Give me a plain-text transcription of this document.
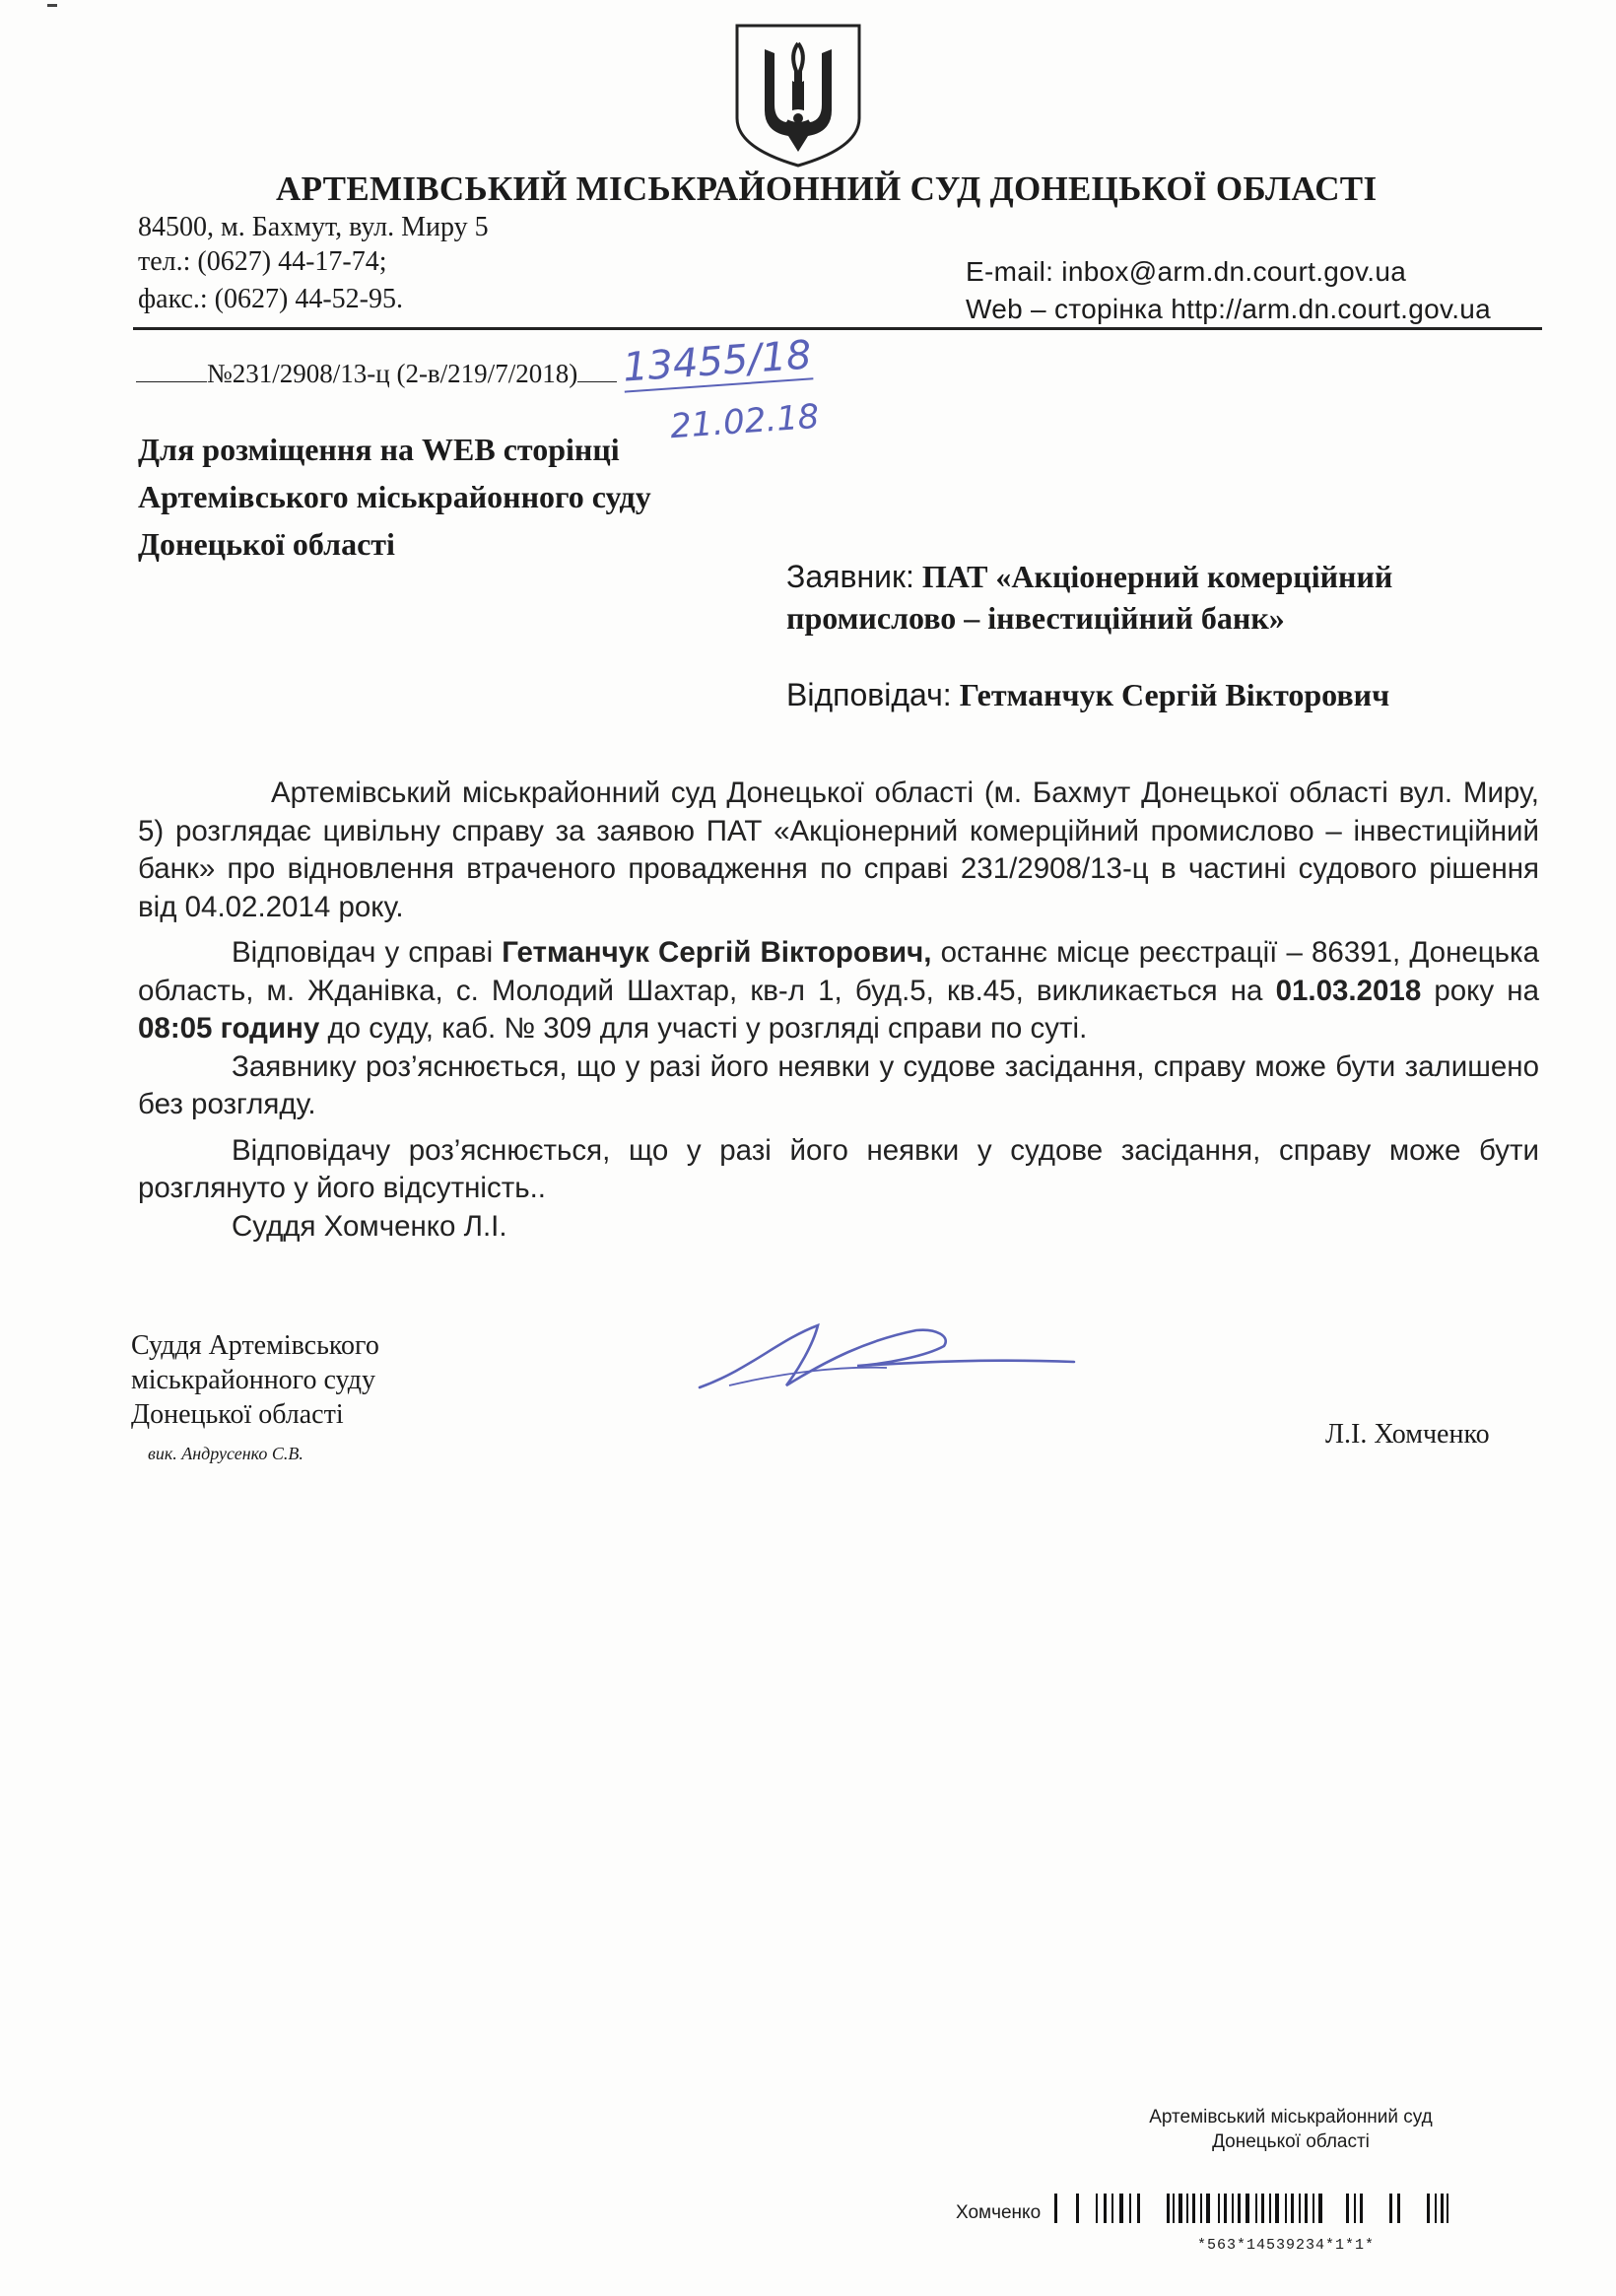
АРТЕМІВСЬКИЙ МІСЬКРАЙОННИЙ СУД ДОНЕЦЬКОЇ ОБЛАСТІ
84500, м. Бахмут, вул. Миру 5
тел.: (0627) 44-17-74;
факс.: (0627) 44-52-95.
E-mail: inbox@arm.dn.court.gov.ua
Web – сторінка http://arm.dn.court.gov.ua
№231/2908/13-ц (2-в/219/7/2018)	13455/18
21.02.18
Для розміщення на WEB сторінці
Артемівського міськрайонного суду
Донецької області
Заявник: ПАТ «Акціонерний комерційний
промислово – інвестиційний банк»
Відповідач: Гетманчук Сергій Вікторович

Артемівський міськрайонний суд Донецької області (м. Бахмут Донецької області вул. Миру, 5) розглядає цивільну справу за заявою ПАТ «Акціонерний комерційний промислово – інвестиційний банк» про відновлення втраченого провадження по справі 231/2908/13-ц в частині судового рішення від 04.02.2014 року.

Відповідач у справі Гетманчук Сергій Вікторович, останнє місце реєстрації – 86391, Донецька область, м. Жданівка, с. Молодий Шахтар, кв-л 1, буд.5, кв.45, викликається на 01.03.2018 року на 08:05 годину до суду, каб. № 309 для участі у розгляді справи по суті.

Заявнику роз’яснюється, що у разі його неявки у судове засідання, справу може бути залишено без розгляду.

Відповідачу роз’яснюється, що у разі його неявки у судове засідання, справу може бути розглянуто у його відсутність..

Суддя Хомченко Л.І.

Суддя Артемівського
міськрайонного суду
Донецької області
вик. Андрусенко С.В.
Л.І. Хомченко
Артемівський міськрайонний суд
Донецької області
Хомченко
*563*14539234*1*1*
